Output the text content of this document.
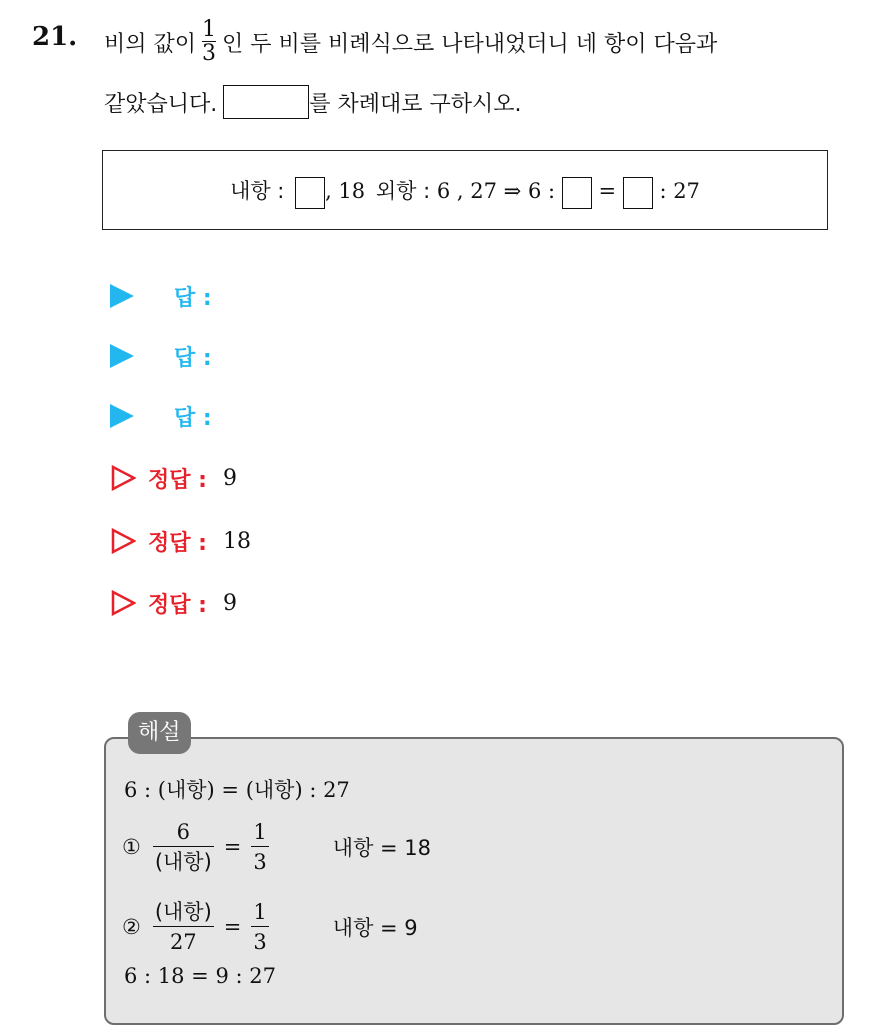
21. 비의 값이 $\frac{1}{3}$ 인 두 비를 비례식으로 나타내었더니 네 항이 다음과
같았습니다.	를 차례대로 구하시오.
내항 : , 18 외항 : 6 , 27 ⇒ 6 : = : 27
답 :
답 :
답 :
정답 : 9
정답 : 18
정답 : 9
해설
6 : (내항) = (내항) : 27
①
6
(내항)
=
1
3
내항 = 18
②
(내항)
27
=
1
3
내항 = 9
6 : 18 = 9 : 27
